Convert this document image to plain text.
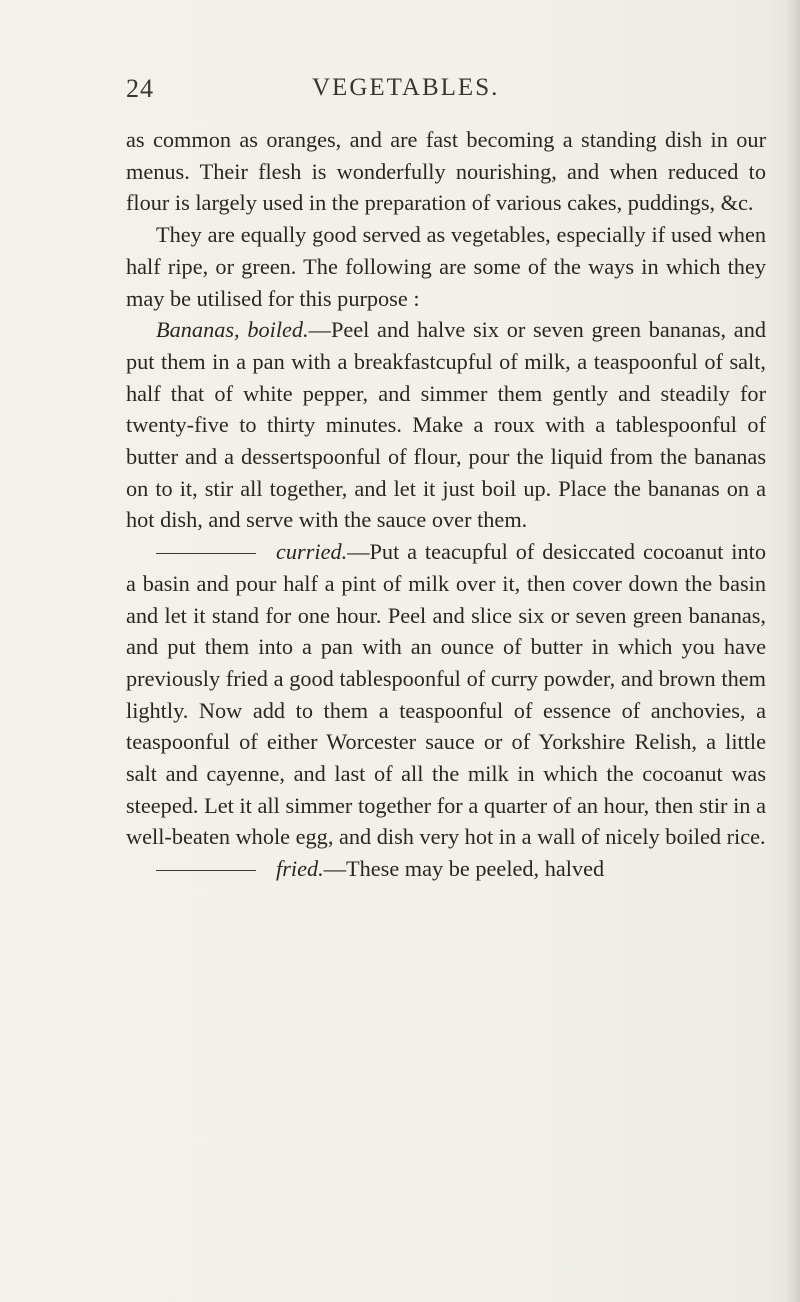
24	VEGETABLES.

as common as oranges, and are fast becoming a standing dish in our menus. Their flesh is wonderfully nourishing, and when reduced to flour is largely used in the preparation of various cakes, puddings, &c.

They are equally good served as vegetables, especially if used when half ripe, or green. The following are some of the ways in which they may be utilised for this purpose :

Bananas, boiled.—Peel and halve six or seven green bananas, and put them in a pan with a breakfastcupful of milk, a teaspoonful of salt, half that of white pepper, and simmer them gently and steadily for twenty-five to thirty minutes. Make a roux with a tablespoonful of butter and a dessertspoonful of flour, pour the liquid from the bananas on to it, stir all together, and let it just boil up. Place the bananas on a hot dish, and serve with the sauce over them.

curried.—Put a teacupful of desiccated cocoanut into a basin and pour half a pint of milk over it, then cover down the basin and let it stand for one hour. Peel and slice six or seven green bananas, and put them into a pan with an ounce of butter in which you have previously fried a good tablespoonful of curry powder, and brown them lightly. Now add to them a teaspoonful of essence of anchovies, a teaspoonful of either Worcester sauce or of Yorkshire Relish, a little salt and cayenne, and last of all the milk in which the cocoanut was steeped. Let it all simmer together for a quarter of an hour, then stir in a well-beaten whole egg, and dish very hot in a wall of nicely boiled rice.

fried.—These may be peeled, halved
